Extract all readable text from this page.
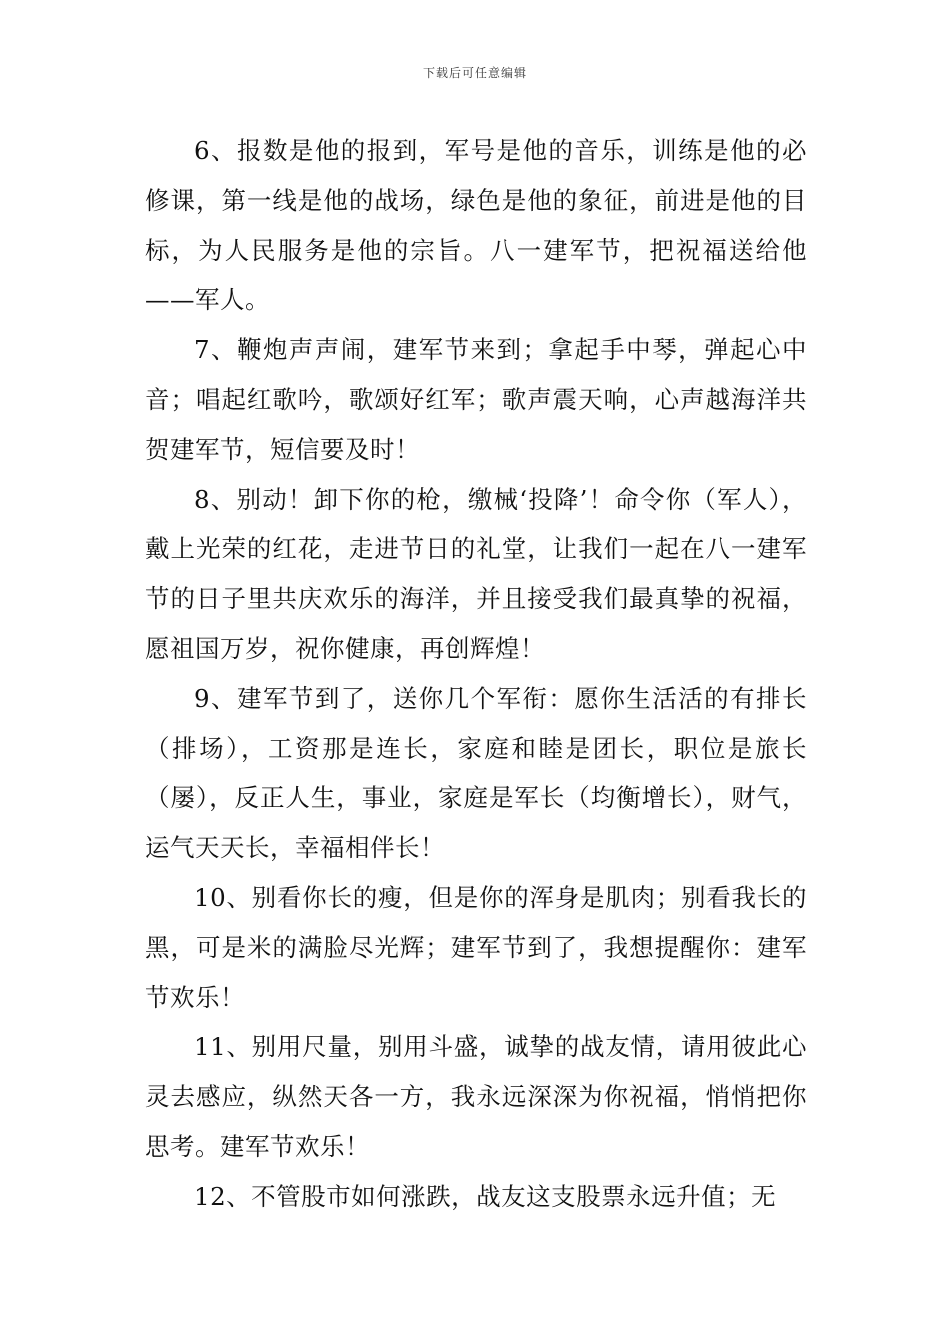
下载后可任意编辑

6、报数是他的报到，军号是他的音乐，训练是他的必修课，第一线是他的战场，绿色是他的象征，前进是他的目标，为人民服务是他的宗旨。八一建军节，把祝福送给他——军人。

7、鞭炮声声闹，建军节来到；拿起手中琴，弹起心中音；唱起红歌吟，歌颂好红军；歌声震天响，心声越海洋共贺建军节，短信要及时！

8、别动！卸下你的枪，缴械‘投降’！命令你（军人），戴上光荣的红花，走进节日的礼堂，让我们一起在八一建军节的日子里共庆欢乐的海洋，并且接受我们最真挚的祝福，愿祖国万岁，祝你健康，再创辉煌！

9、建军节到了，送你几个军衔：愿你生活活的有排长（排场），工资那是连长，家庭和睦是团长，职位是旅长（屡），反正人生，事业，家庭是军长（均衡增长），财气，运气天天长，幸福相伴长！

10、别看你长的瘦，但是你的浑身是肌肉；别看我长的黑，可是米的满脸尽光辉；建军节到了，我想提醒你：建军节欢乐！

11、别用尺量，别用斗盛，诚挚的战友情，请用彼此心灵去感应，纵然天各一方，我永远深深为你祝福，悄悄把你思考。建军节欢乐！

12、不管股市如何涨跌，战友这支股票永远升值；无
